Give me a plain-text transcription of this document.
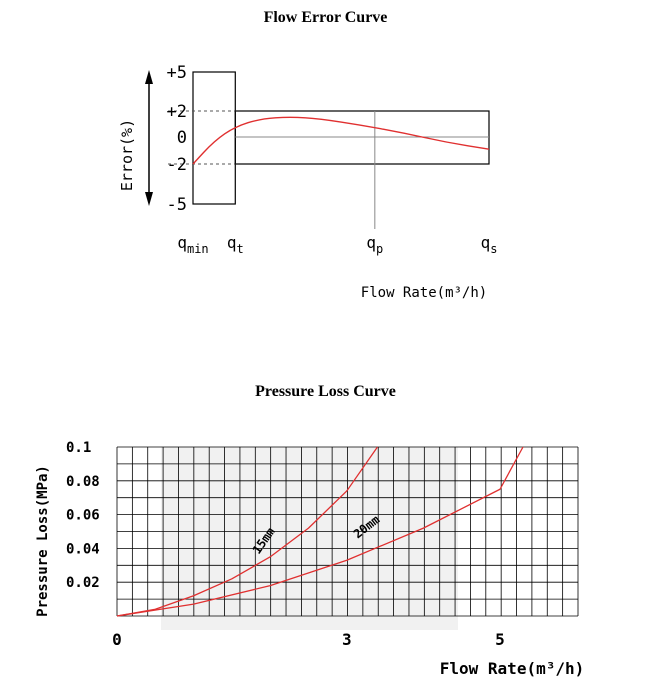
Flow Error Curve
Pressure Loss Curve
+5
+2
0
-2
-5
Error(%)
$q_{min}$ $q_t$	$q_p$	$q_s$
Flow Rate(m³/h)
0.1
0.08
0.06
0.04
0.02
0	3	5
Pressure Loss(MPa)
Flow Rate(m³/h)
15mm	20mm
